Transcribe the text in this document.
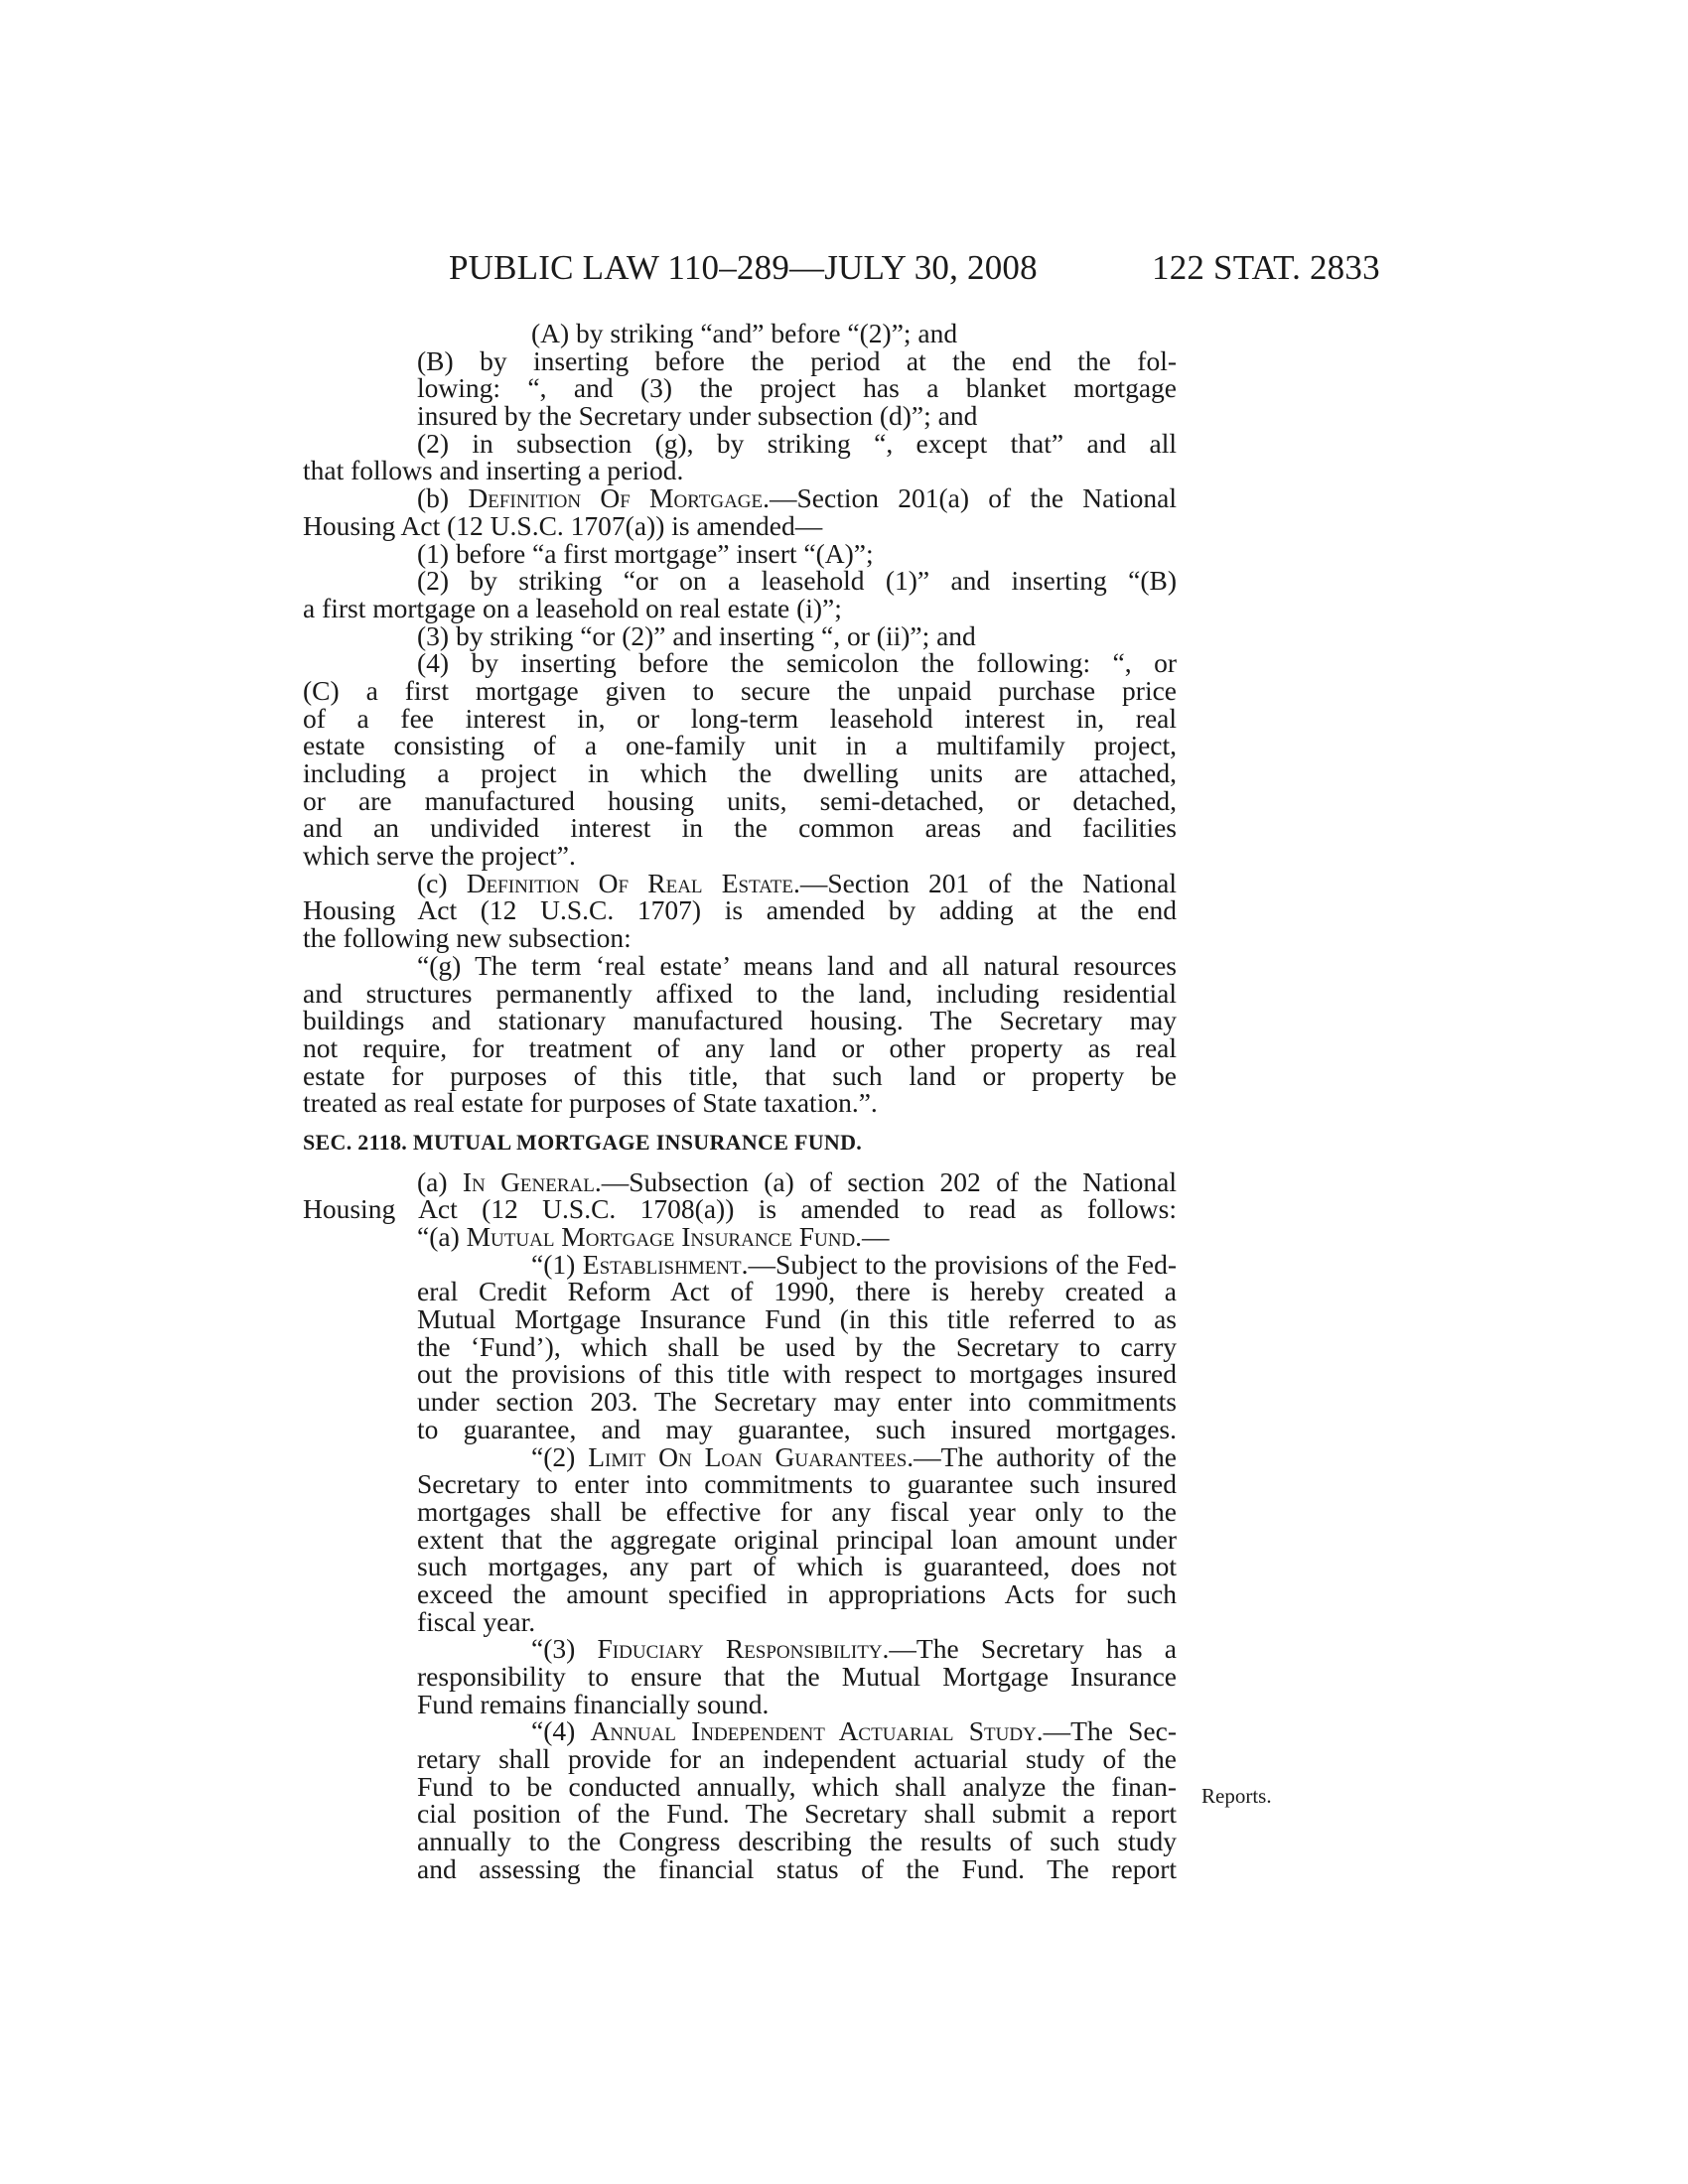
PUBLIC LAW 110–289—JULY 30, 2008	122 STAT. 2833
(A) by striking “and” before “(2)”; and
(B) by inserting before the period at the end the fol-
lowing: “, and (3) the project has a blanket mortgage
insured by the Secretary under subsection (d)”; and
(2) in subsection (g), by striking “, except that” and all
that follows and inserting a period.
(b) Definition Of Mortgage.—Section 201(a) of the National
Housing Act (12 U.S.C. 1707(a)) is amended—
(1) before “a first mortgage” insert “(A)”;
(2) by striking “or on a leasehold (1)” and inserting “(B)
a first mortgage on a leasehold on real estate (i)”;
(3) by striking “or (2)” and inserting “, or (ii)”; and
(4) by inserting before the semicolon the following: “, or
(C) a first mortgage given to secure the unpaid purchase price
of a fee interest in, or long-term leasehold interest in, real
estate consisting of a one-family unit in a multifamily project,
including a project in which the dwelling units are attached,
or are manufactured housing units, semi-detached, or detached,
and an undivided interest in the common areas and facilities
which serve the project”.
(c) Definition Of Real Estate.—Section 201 of the National
Housing Act (12 U.S.C. 1707) is amended by adding at the end
the following new subsection:
“(g) The term ‘real estate’ means land and all natural resources
and structures permanently affixed to the land, including residential
buildings and stationary manufactured housing. The Secretary may
not require, for treatment of any land or other property as real
estate for purposes of this title, that such land or property be
treated as real estate for purposes of State taxation.”.
SEC. 2118. MUTUAL MORTGAGE INSURANCE FUND.
(a) In General.—Subsection (a) of section 202 of the National
Housing Act (12 U.S.C. 1708(a)) is amended to read as follows:
“(a) Mutual Mortgage Insurance Fund.—
“(1) Establishment.—Subject to the provisions of the Fed-
eral Credit Reform Act of 1990, there is hereby created a
Mutual Mortgage Insurance Fund (in this title referred to as
the ‘Fund’), which shall be used by the Secretary to carry
out the provisions of this title with respect to mortgages insured
under section 203. The Secretary may enter into commitments
to guarantee, and may guarantee, such insured mortgages.
“(2) Limit On Loan Guarantees.—The authority of the
Secretary to enter into commitments to guarantee such insured
mortgages shall be effective for any fiscal year only to the
extent that the aggregate original principal loan amount under
such mortgages, any part of which is guaranteed, does not
exceed the amount specified in appropriations Acts for such
fiscal year.
“(3) Fiduciary Responsibility.—The Secretary has a
responsibility to ensure that the Mutual Mortgage Insurance
Fund remains financially sound.
“(4) Annual Independent Actuarial Study.—The Sec-
retary shall provide for an independent actuarial study of the
Fund to be conducted annually, which shall analyze the finan-
cial position of the Fund. The Secretary shall submit a report
annually to the Congress describing the results of such study
and assessing the financial status of the Fund. The report
Reports.
